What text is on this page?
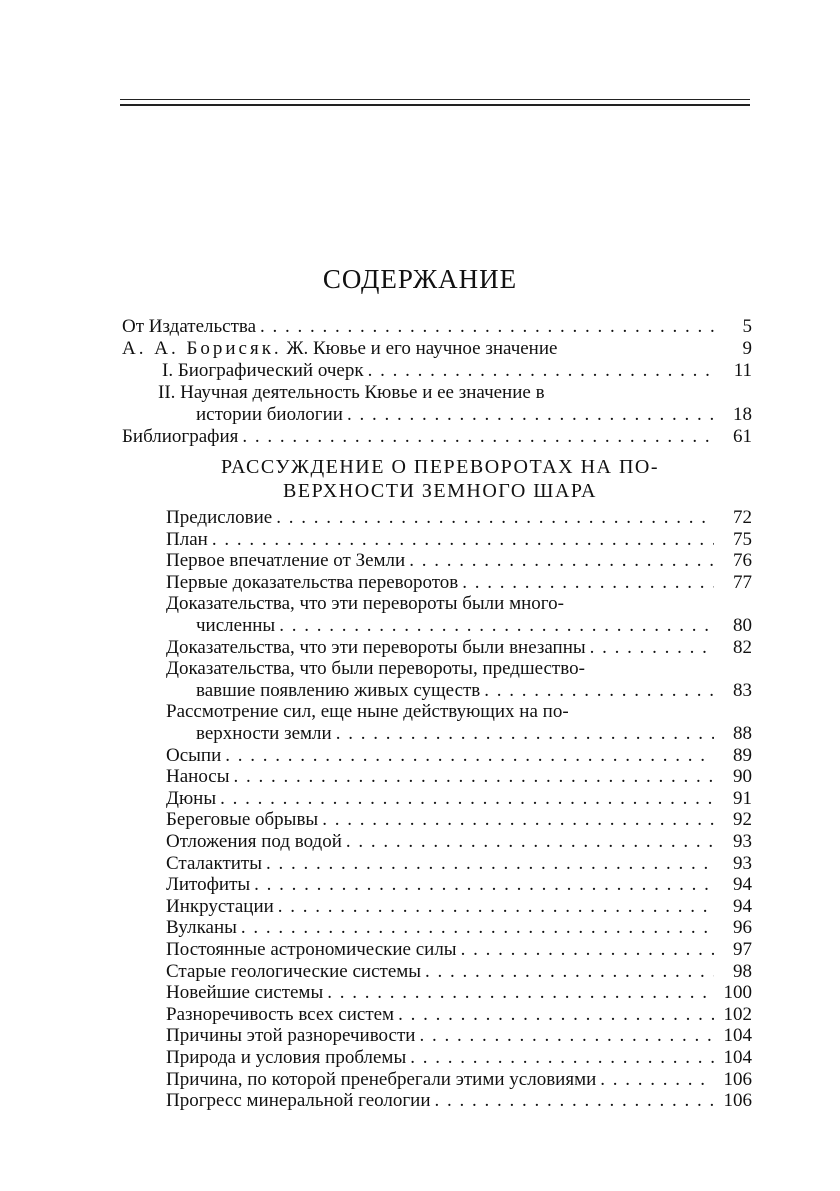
СОДЕРЖАНИЕ
От Издательства . . .	5
А. А. Борисяк. Ж. Кювье и его научное значение	9
I. Биографический очерк . . .	11
II. Научная деятельность Кювье и ее значение в
истории биологии . . .	18
Библиография . . .	61
РАССУЖДЕНИЕ О ПЕРЕВОРОТАХ НА ПО-
ВЕРХНОСТИ ЗЕМНОГО ШАРА
Предисловие . . .	72
План . . .	75
Первое впечатление от Земли . . .	76
Первые доказательства переворотов . . .	77
Доказательства, что эти перевороты были много-
численны . . .	80
Доказательства, что эти перевороты были внезапны . . .	82
Доказательства, что были перевороты, предшество-
вавшие появлению живых существ . . .	83
Рассмотрение сил, еще ныне действующих на по-
верхности земли . . .	88
Осыпи . . .	89
Наносы . . .	90
Дюны . . .	91
Береговые обрывы . . .	92
Отложения под водой . . .	93
Сталактиты . . .	93
Литофиты . . .	94
Инкрустации . . .	94
Вулканы . . .	96
Постоянные астрономические силы . . .	97
Старые геологические системы . . .	98
Новейшие системы . . .	100
Разноречивость всех систем . . .	102
Причины этой разноречивости . . .	104
Природа и условия проблемы . . .	104
Причина, по которой пренебрегали этими условиями . . .	106
Прогресс минеральной геологии . . .	106
